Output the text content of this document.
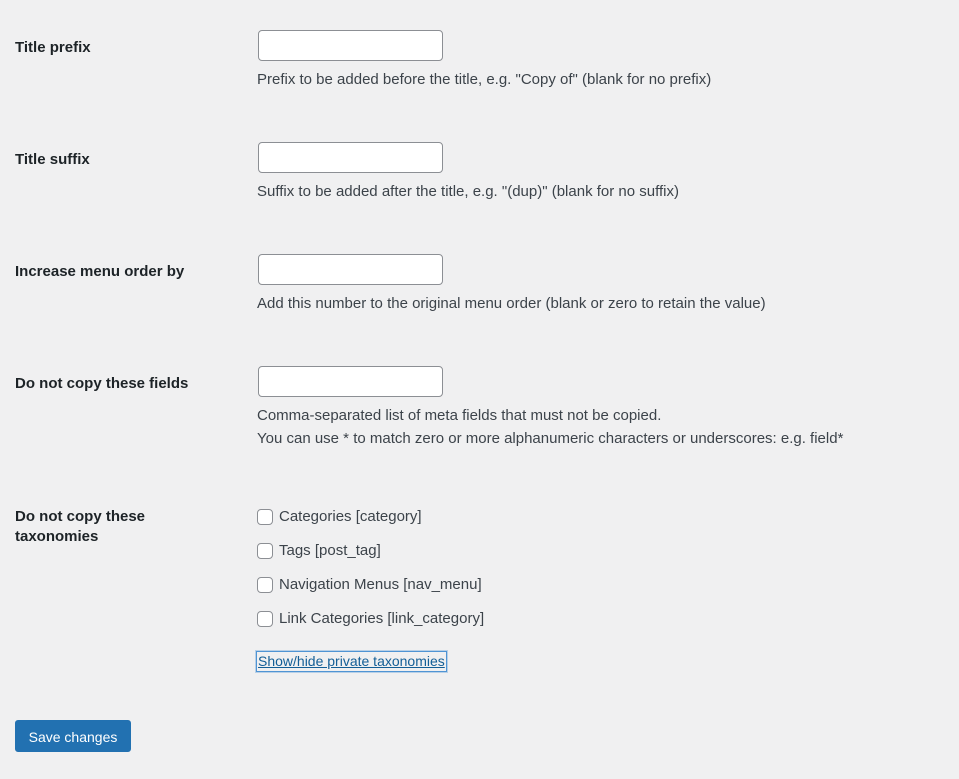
Title prefix
Prefix to be added before the title, e.g. "Copy of" (blank for no prefix)
Title suffix
Suffix to be added after the title, e.g. "(dup)" (blank for no suffix)
Increase menu order by
Add this number to the original menu order (blank or zero to retain the value)
Do not copy these fields
Comma-separated list of meta fields that must not be copied.
You can use * to match zero or more alphanumeric characters or underscores: e.g. field*
Do not copy these taxonomies
Categories [category]
Tags [post_tag]
Navigation Menus [nav_menu]
Link Categories [link_category]
Show/hide private taxonomies
Save changes
